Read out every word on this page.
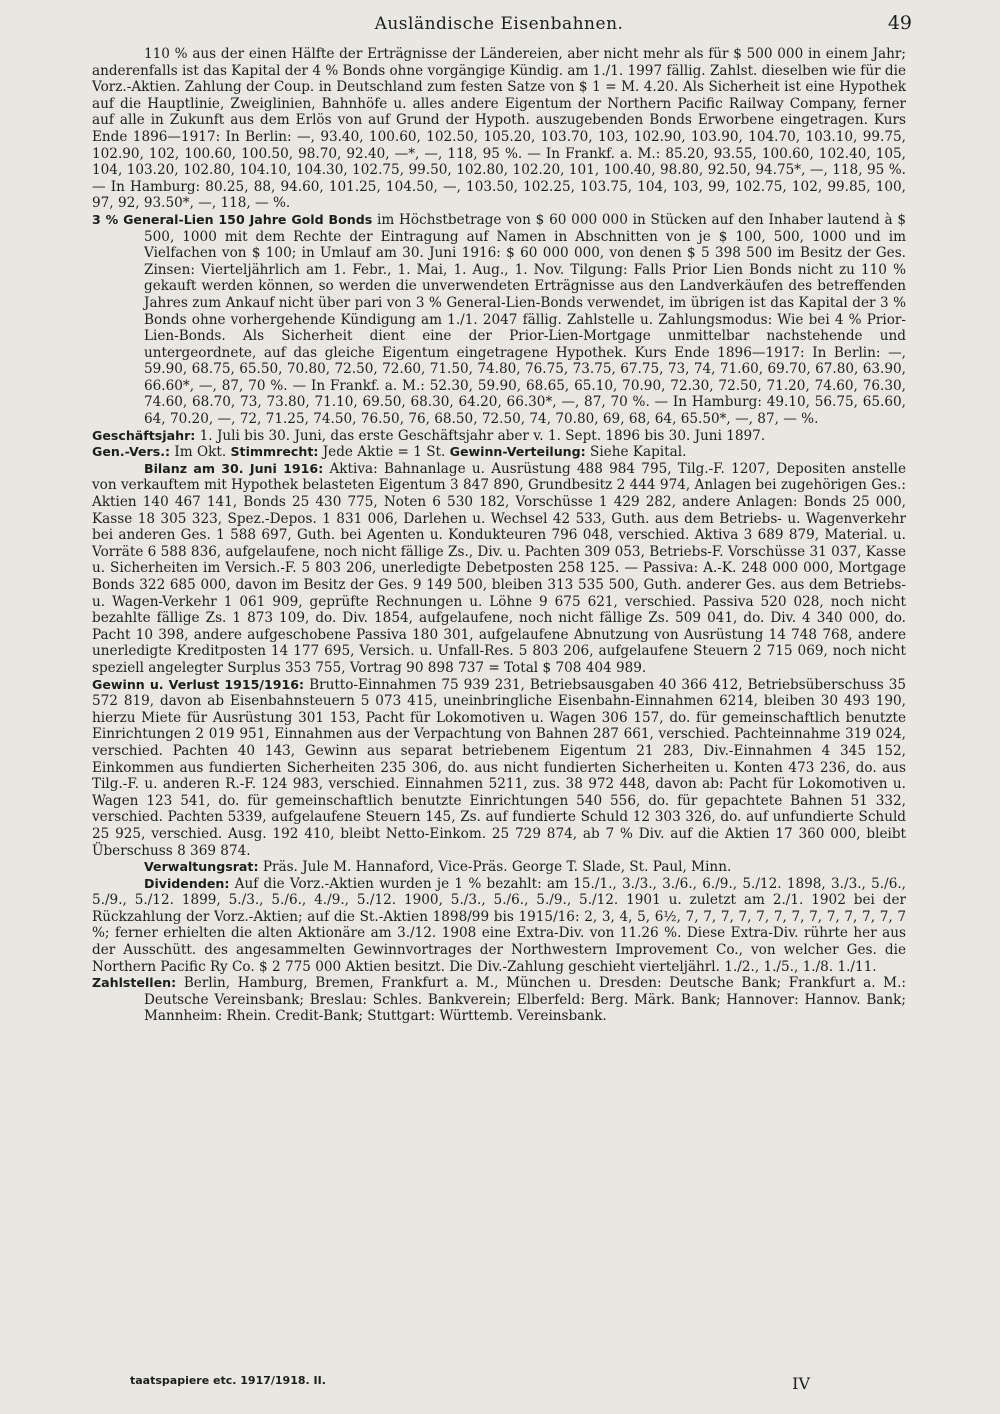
Ausländische Eisenbahnen.	49

110 % aus der einen Hälfte der Erträgnisse der Ländereien, aber nicht mehr als für $ 500 000 in einem Jahr; anderenfalls ist das Kapital der 4 % Bonds ohne vorgängige Kündig. am 1./1. 1997 fällig. Zahlst. dieselben wie für die Vorz.-Aktien. Zahlung der Coup. in Deutschland zum festen Satze von $ 1 = M. 4.20. Als Sicherheit ist eine Hypothek auf die Hauptlinie, Zweiglinien, Bahnhöfe u. alles andere Eigentum der Northern Pacific Railway Company, ferner auf alle in Zukunft aus dem Erlös von auf Grund der Hypoth. auszugebenden Bonds Erworbene eingetragen. Kurs Ende 1896—1917: In Berlin: —, 93.40, 100.60, 102.50, 105.20, 103.70, 103, 102.90, 103.90, 104.70, 103.10, 99.75, 102.90, 102, 100.60, 100.50, 98.70, 92.40, —*, —, 118, 95 %. — In Frankf. a. M.: 85.20, 93.55, 100.60, 102.40, 105, 104, 103.20, 102.80, 104.10, 104.30, 102.75, 99.50, 102.80, 102.20, 101, 100.40, 98.80, 92.50, 94.75*, —, 118, 95 %. — In Hamburg: 80.25, 88, 94.60, 101.25, 104.50, —, 103.50, 102.25, 103.75, 104, 103, 99, 102.75, 102, 99.85, 100, 97, 92, 93.50*, —, 118, — %.

3 % General-Lien 150 Jahre Gold Bonds im Höchstbetrage von $ 60 000 000 in Stücken auf den Inhaber lautend à $ 500, 1000 mit dem Rechte der Eintragung auf Namen in Abschnitten von je $ 100, 500, 1000 und im Vielfachen von $ 100; in Umlauf am 30. Juni 1916: $ 60 000 000, von denen $ 5 398 500 im Besitz der Ges. Zinsen: Vierteljährlich am 1. Febr., 1. Mai, 1. Aug., 1. Nov. Tilgung: Falls Prior Lien Bonds nicht zu 110 % gekauft werden können, so werden die unverwendeten Erträgnisse aus den Landverkäufen des betreffenden Jahres zum Ankauf nicht über pari von 3 % General-Lien-Bonds verwendet, im übrigen ist das Kapital der 3 % Bonds ohne vorhergehende Kündigung am 1./1. 2047 fällig. Zahlstelle u. Zahlungsmodus: Wie bei 4 % Prior-Lien-Bonds. Als Sicherheit dient eine der Prior-Lien-Mortgage unmittelbar nachstehende und untergeordnete, auf das gleiche Eigentum eingetragene Hypothek. Kurs Ende 1896—1917: In Berlin: —, 59.90, 68.75, 65.50, 70.80, 72.50, 72.60, 71.50, 74.80, 76.75, 73.75, 67.75, 73, 74, 71.60, 69.70, 67.80, 63.90, 66.60*, —, 87, 70 %. — In Frankf. a. M.: 52.30, 59.90, 68.65, 65.10, 70.90, 72.30, 72.50, 71.20, 74.60, 76.30, 74.60, 68.70, 73, 73.80, 71.10, 69.50, 68.30, 64.20, 66.30*, —, 87, 70 %. — In Hamburg: 49.10, 56.75, 65.60, 64, 70.20, —, 72, 71.25, 74.50, 76.50, 76, 68.50, 72.50, 74, 70.80, 69, 68, 64, 65.50*, —, 87, — %.

Geschäftsjahr: 1. Juli bis 30. Juni, das erste Geschäftsjahr aber v. 1. Sept. 1896 bis 30. Juni 1897.

Gen.-Vers.: Im Okt. Stimmrecht: Jede Aktie = 1 St. Gewinn-Verteilung: Siehe Kapital.

Bilanz am 30. Juni 1916: Aktiva: Bahnanlage u. Ausrüstung 488 984 795, Tilg.-F. 1207, Depositen anstelle von verkauftem mit Hypothek belasteten Eigentum 3 847 890, Grundbesitz 2 444 974, Anlagen bei zugehörigen Ges.: Aktien 140 467 141, Bonds 25 430 775, Noten 6 530 182, Vorschüsse 1 429 282, andere Anlagen: Bonds 25 000, Kasse 18 305 323, Spez.-Depos. 1 831 006, Darlehen u. Wechsel 42 533, Guth. aus dem Betriebs- u. Wagenverkehr bei anderen Ges. 1 588 697, Guth. bei Agenten u. Kondukteuren 796 048, verschied. Aktiva 3 689 879, Material. u. Vorräte 6 588 836, aufgelaufene, noch nicht fällige Zs., Div. u. Pachten 309 053, Betriebs-F. Vorschüsse 31 037, Kasse u. Sicherheiten im Versich.-F. 5 803 206, unerledigte Debetposten 258 125. — Passiva: A.-K. 248 000 000, Mortgage Bonds 322 685 000, davon im Besitz der Ges. 9 149 500, bleiben 313 535 500, Guth. anderer Ges. aus dem Betriebs- u. Wagen-Verkehr 1 061 909, geprüfte Rechnungen u. Löhne 9 675 621, verschied. Passiva 520 028, noch nicht bezahlte fällige Zs. 1 873 109, do. Div. 1854, aufgelaufene, noch nicht fällige Zs. 509 041, do. Div. 4 340 000, do. Pacht 10 398, andere aufgeschobene Passiva 180 301, aufgelaufene Abnutzung von Ausrüstung 14 748 768, andere unerledigte Kreditposten 14 177 695, Versich. u. Unfall-Res. 5 803 206, aufgelaufene Steuern 2 715 069, noch nicht speziell angelegter Surplus 353 755, Vortrag 90 898 737 = Total $ 708 404 989.

Gewinn u. Verlust 1915/1916: Brutto-Einnahmen 75 939 231, Betriebsausgaben 40 366 412, Betriebsüberschuss 35 572 819, davon ab Eisenbahnsteuern 5 073 415, uneinbringliche Eisenbahn-Einnahmen 6214, bleiben 30 493 190, hierzu Miete für Ausrüstung 301 153, Pacht für Lokomotiven u. Wagen 306 157, do. für gemeinschaftlich benutzte Einrichtungen 2 019 951, Einnahmen aus der Verpachtung von Bahnen 287 661, verschied. Pachteinnahme 319 024, verschied. Pachten 40 143, Gewinn aus separat betriebenem Eigentum 21 283, Div.-Einnahmen 4 345 152, Einkommen aus fundierten Sicherheiten 235 306, do. aus nicht fundierten Sicherheiten u. Konten 473 236, do. aus Tilg.-F. u. anderen R.-F. 124 983, verschied. Einnahmen 5211, zus. 38 972 448, davon ab: Pacht für Lokomotiven u. Wagen 123 541, do. für gemeinschaftlich benutzte Einrichtungen 540 556, do. für gepachtete Bahnen 51 332, verschied. Pachten 5339, aufgelaufene Steuern 145, Zs. auf fundierte Schuld 12 303 326, do. auf unfundierte Schuld 25 925, verschied. Ausg. 192 410, bleibt Netto-Einkom. 25 729 874, ab 7 % Div. auf die Aktien 17 360 000, bleibt Überschuss 8 369 874.

Verwaltungsrat: Präs. Jule M. Hannaford, Vice-Präs. George T. Slade, St. Paul, Minn.

Dividenden: Auf die Vorz.-Aktien wurden je 1 % bezahlt: am 15./1., 3./3., 3./6., 6./9., 5./12. 1898, 3./3., 5./6., 5./9., 5./12. 1899, 5./3., 5./6., 4./9., 5./12. 1900, 5./3., 5./6., 5./9., 5./12. 1901 u. zuletzt am 2./1. 1902 bei der Rückzahlung der Vorz.-Aktien; auf die St.-Aktien 1898/99 bis 1915/16: 2, 3, 4, 5, 6½, 7, 7, 7, 7, 7, 7, 7, 7, 7, 7, 7, 7, 7 %; ferner erhielten die alten Aktionäre am 3./12. 1908 eine Extra-Div. von 11.26 %. Diese Extra-Div. rührte her aus der Ausschütt. des angesammelten Gewinnvortrages der Northwestern Improvement Co., von welcher Ges. die Northern Pacific Ry Co. $ 2 775 000 Aktien besitzt. Die Div.-Zahlung geschieht vierteljährl. 1./2., 1./5., 1./8. 1./11.

Zahlstellen: Berlin, Hamburg, Bremen, Frankfurt a. M., München u. Dresden: Deutsche Bank; Frankfurt a. M.: Deutsche Vereinsbank; Breslau: Schles. Bankverein; Elberfeld: Berg. Märk. Bank; Hannover: Hannov. Bank; Mannheim: Rhein. Credit-Bank; Stuttgart: Württemb. Vereinsbank.

taatspapiere etc. 1917/1918. II.	IV
